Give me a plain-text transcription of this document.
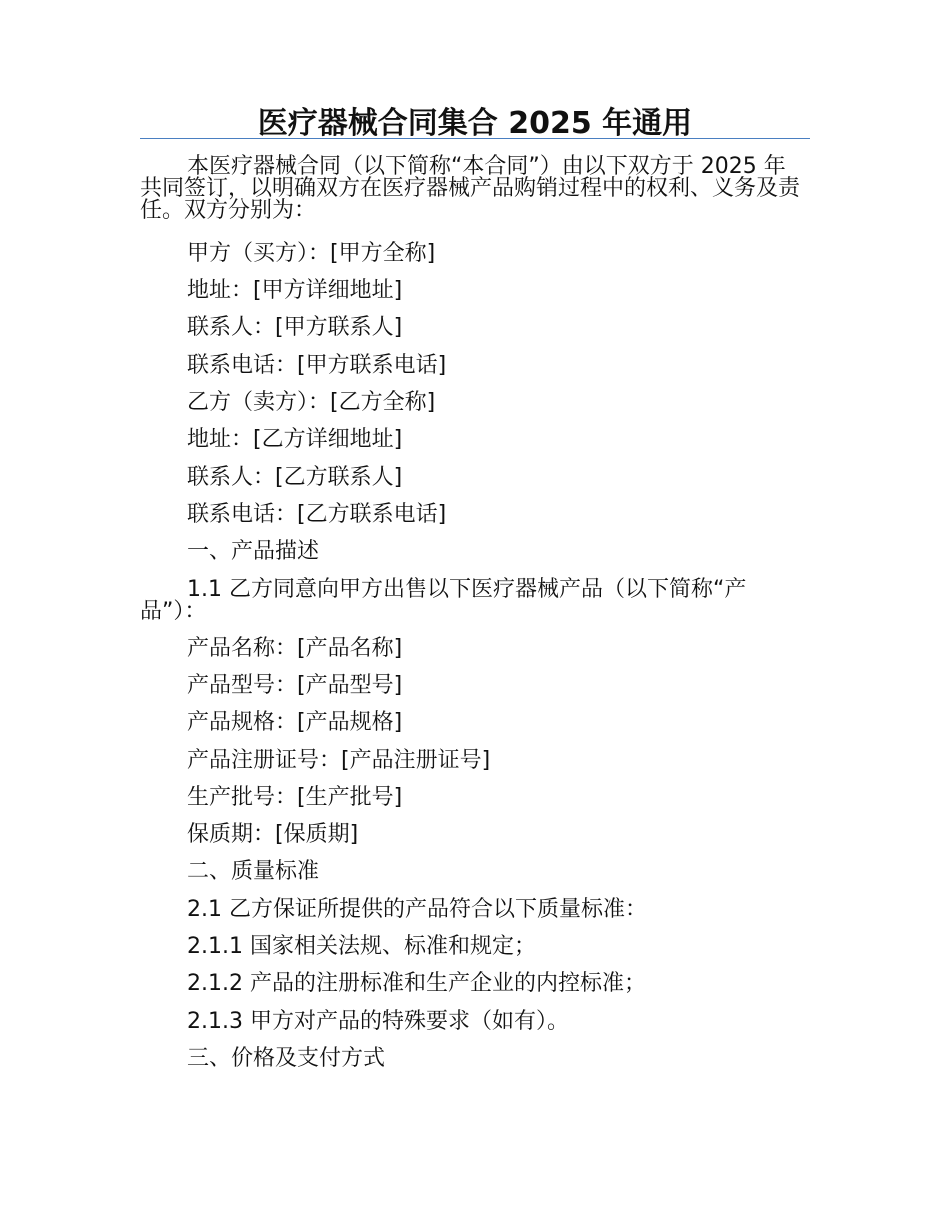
医疗器械合同集合 2025 年通用

本医疗器械合同（以下简称“本合同”）由以下双方于 2025 年共同签订，以明确双方在医疗器械产品购销过程中的权利、义务及责任。双方分别为：

甲方（买方）：[甲方全称]

地址：[甲方详细地址]

联系人：[甲方联系人]

联系电话：[甲方联系电话]

乙方（卖方）：[乙方全称]

地址：[乙方详细地址]

联系人：[乙方联系人]

联系电话：[乙方联系电话]

一、产品描述

1.1 乙方同意向甲方出售以下医疗器械产品（以下简称“产品”）：

产品名称：[产品名称]

产品型号：[产品型号]

产品规格：[产品规格]

产品注册证号：[产品注册证号]

生产批号：[生产批号]

保质期：[保质期]

二、质量标准

2.1 乙方保证所提供的产品符合以下质量标准：

2.1.1 国家相关法规、标准和规定；

2.1.2 产品的注册标准和生产企业的内控标准；

2.1.3 甲方对产品的特殊要求（如有）。

三、价格及支付方式
